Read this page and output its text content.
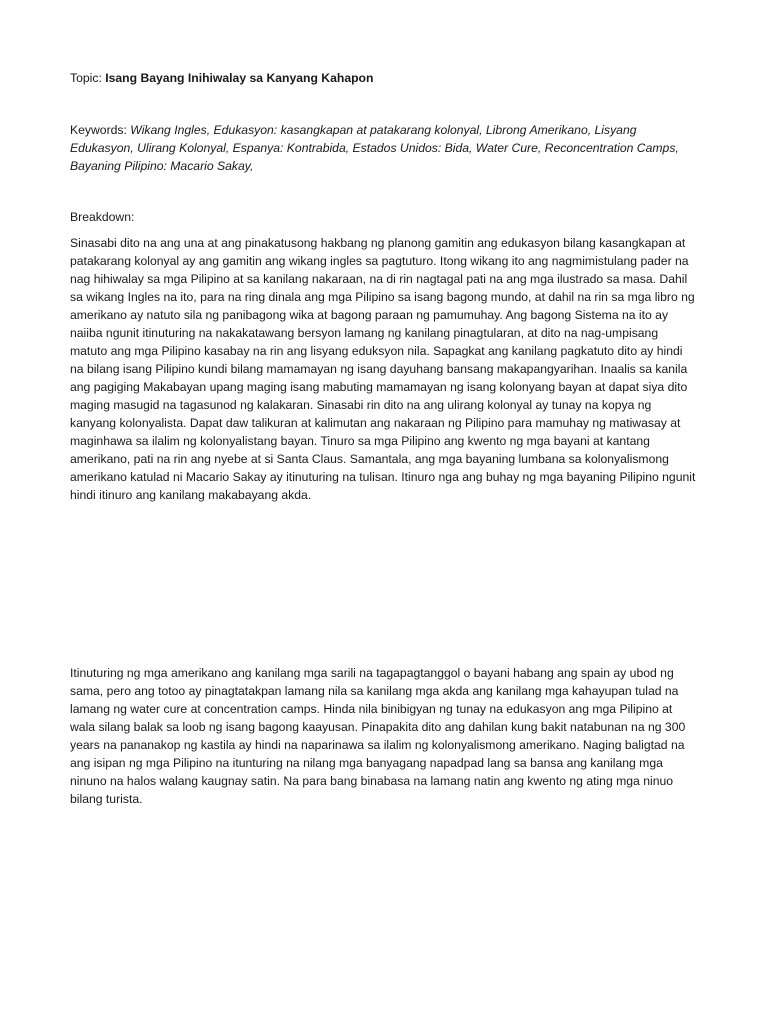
Topic: Isang Bayang Inihiwalay sa Kanyang Kahapon

Keywords: Wikang Ingles, Edukasyon: kasangkapan at patakarang kolonyal, Librong Amerikano, Lisyang Edukasyon, Ulirang Kolonyal, Espanya: Kontrabida, Estados Unidos: Bida, Water Cure, Reconcentration Camps, Bayaning Pilipino: Macario Sakay,

Breakdown:

Sinasabi dito na ang una at ang pinakatusong hakbang ng planong gamitin ang edukasyon bilang kasangkapan at patakarang kolonyal ay ang gamitin ang wikang ingles sa pagtuturo. Itong wikang ito ang nagmimistulang pader na nag hihiwalay sa mga Pilipino at sa kanilang nakaraan, na di rin nagtagal pati na ang mga ilustrado sa masa. Dahil sa wikang Ingles na ito, para na ring dinala ang mga Pilipino sa isang bagong mundo, at dahil na rin sa mga libro ng amerikano ay natuto sila ng panibagong wika at bagong paraan ng pamumuhay. Ang bagong Sistema na ito ay naiiba ngunit itinuturing na nakakatawang bersyon lamang ng kanilang pinagtularan, at dito na nag-umpisang matuto ang mga Pilipino kasabay na rin ang lisyang eduksyon nila. Sapagkat ang kanilang pagkatuto dito ay hindi na bilang isang Pilipino kundi bilang mamamayan ng isang dayuhang bansang makapangyarihan. Inaalis sa kanila ang pagiging Makabayan upang maging isang mabuting mamamayan ng isang kolonyang bayan at dapat siya dito maging masugid na tagasunod ng kalakaran. Sinasabi rin dito na ang ulirang kolonyal ay tunay na kopya ng kanyang kolonyalista. Dapat daw talikuran at kalimutan ang nakaraan ng Pilipino para mamuhay ng matiwasay at maginhawa sa ilalim ng kolonyalistang bayan. Tinuro sa mga Pilipino ang kwento ng mga bayani at kantang amerikano, pati na rin ang nyebe at si Santa Claus. Samantala, ang mga bayaning lumbana sa kolonyalismong amerikano katulad ni Macario Sakay ay itinuturing na tulisan. Itinuro nga ang buhay ng mga bayaning Pilipino ngunit hindi itinuro ang kanilang makabayang akda.

Itinuturing ng mga amerikano ang kanilang mga sarili na tagapagtanggol o bayani habang ang spain ay ubod ng sama, pero ang totoo ay pinagtatakpan lamang nila sa kanilang mga akda ang kanilang mga kahayupan tulad na lamang ng water cure at concentration camps. Hinda nila binibigyan ng tunay na edukasyon ang mga Pilipino at wala silang balak sa loob ng isang bagong kaayusan. Pinapakita dito ang dahilan kung bakit natabunan na ng 300 years na pananakop ng kastila ay hindi na naparinawa sa ilalim ng kolonyalismong amerikano. Naging baligtad na ang isipan ng mga Pilipino na itunturing na nilang mga banyagang napadpad lang sa bansa ang kanilang mga ninuno na halos walang kaugnay satin. Na para bang binabasa na lamang natin ang kwento ng ating mga ninuo bilang turista.
